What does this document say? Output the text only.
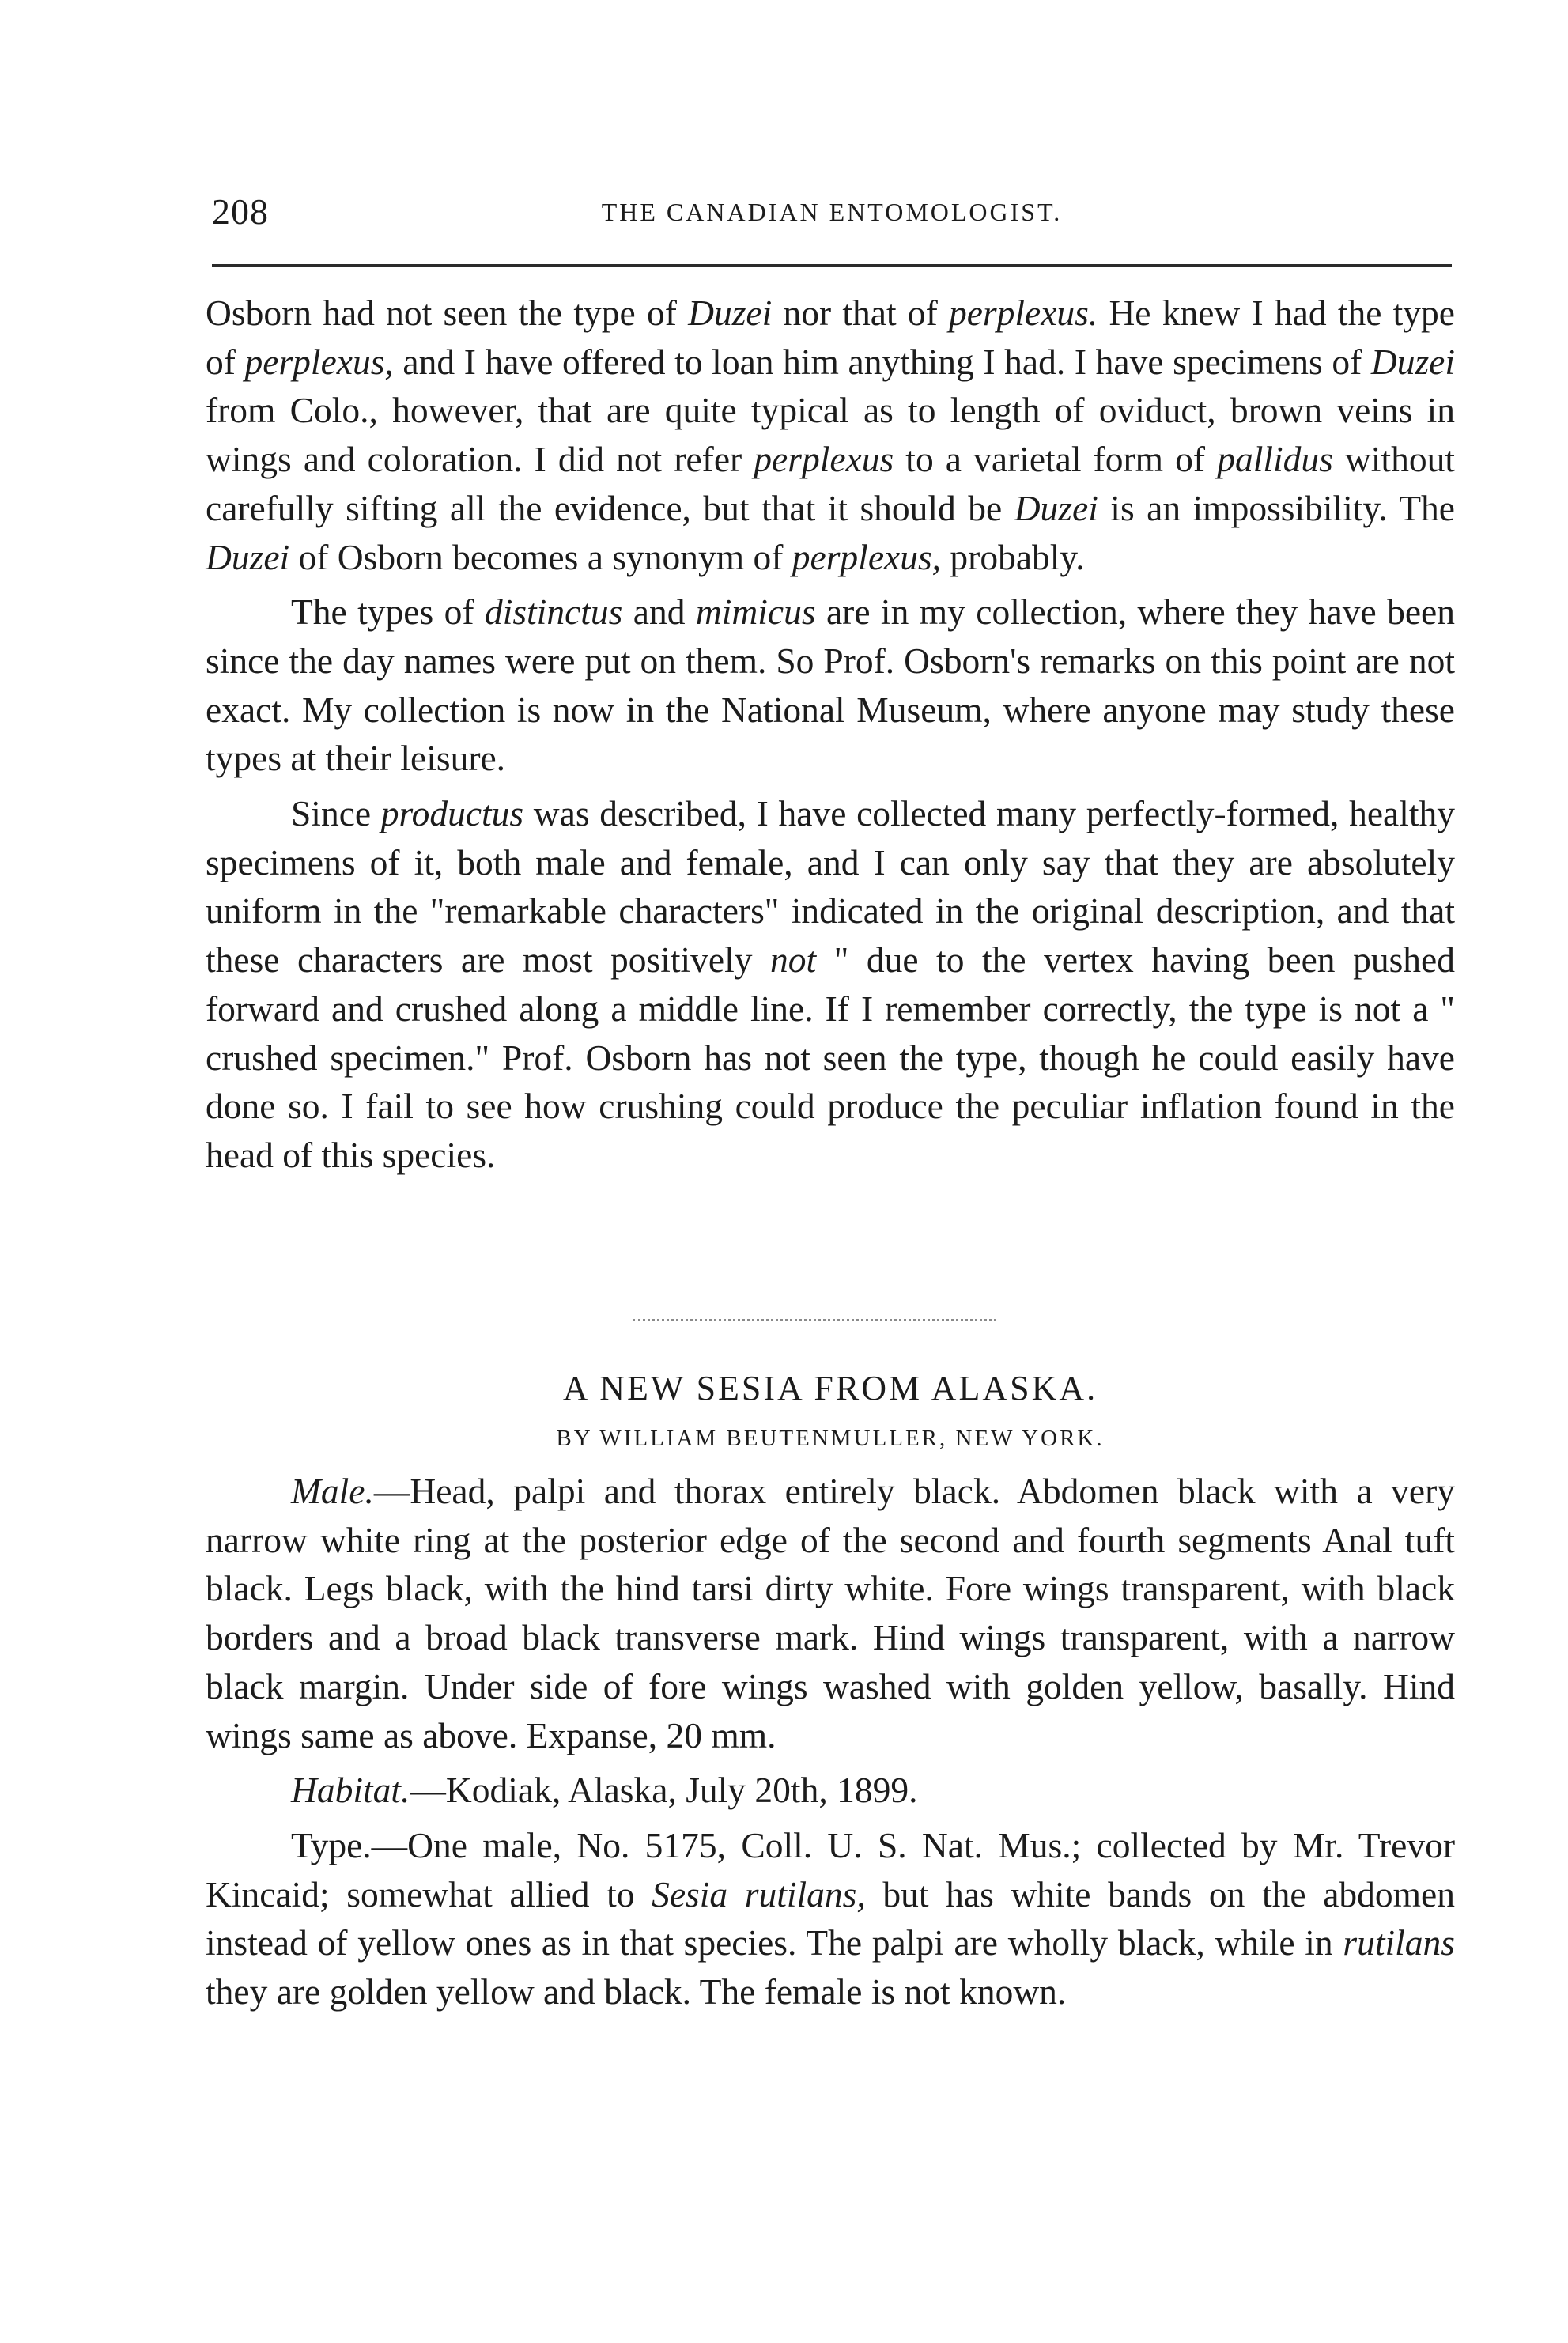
208	THE CANADIAN ENTOMOLOGIST.

Osborn had not seen the type of Duzei nor that of perplexus. He knew I had the type of perplexus, and I have offered to loan him anything I had. I have specimens of Duzei from Colo., however, that are quite typical as to length of oviduct, brown veins in wings and coloration. I did not refer perplexus to a varietal form of pallidus without carefully sifting all the evidence, but that it should be Duzei is an impossibility. The Duzei of Osborn becomes a synonym of perplexus, probably.

The types of distinctus and mimicus are in my collection, where they have been since the day names were put on them. So Prof. Osborn's remarks on this point are not exact. My collection is now in the National Museum, where anyone may study these types at their leisure.

Since productus was described, I have collected many perfectly-formed, healthy specimens of it, both male and female, and I can only say that they are absolutely uniform in the "remarkable characters" indicated in the original description, and that these characters are most positively not " due to the vertex having been pushed forward and crushed along a middle line. If I remember correctly, the type is not a " crushed specimen." Prof. Osborn has not seen the type, though he could easily have done so. I fail to see how crushing could produce the peculiar inflation found in the head of this species.

A NEW SESIA FROM ALASKA.
BY WILLIAM BEUTENMULLER, NEW YORK.

Male.—Head, palpi and thorax entirely black. Abdomen black with a very narrow white ring at the posterior edge of the second and fourth segments Anal tuft black. Legs black, with the hind tarsi dirty white. Fore wings transparent, with black borders and a broad black transverse mark. Hind wings transparent, with a narrow black margin. Under side of fore wings washed with golden yellow, basally. Hind wings same as above. Expanse, 20 mm.

Habitat.—Kodiak, Alaska, July 20th, 1899.

Type.—One male, No. 5175, Coll. U. S. Nat. Mus.; collected by Mr. Trevor Kincaid; somewhat allied to Sesia rutilans, but has white bands on the abdomen instead of yellow ones as in that species. The palpi are wholly black, while in rutilans they are golden yellow and black. The female is not known.
